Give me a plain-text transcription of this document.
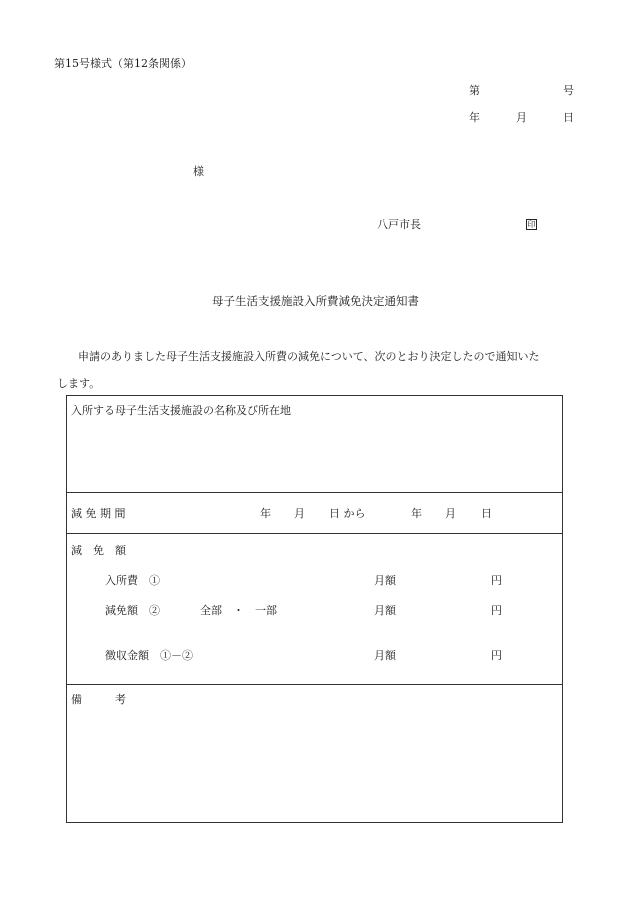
第15号様式（第12条関係）
第	号
年	月	日
様
八戸市長	印
母子生活支援施設入所費減免決定通知書
申請のありました母子生活支援施設入所費の減免について、次のとおり決定したので通知いた
します。
入所する母子生活支援施設の名称及び所在地
減 免 期 間	年 月 日 から	年 月 日
減　免　額
入所費　①	月額	円
減免額　②	全部　・　一部	月額	円
徴収金額　①－②	月額	円
備　　　考
